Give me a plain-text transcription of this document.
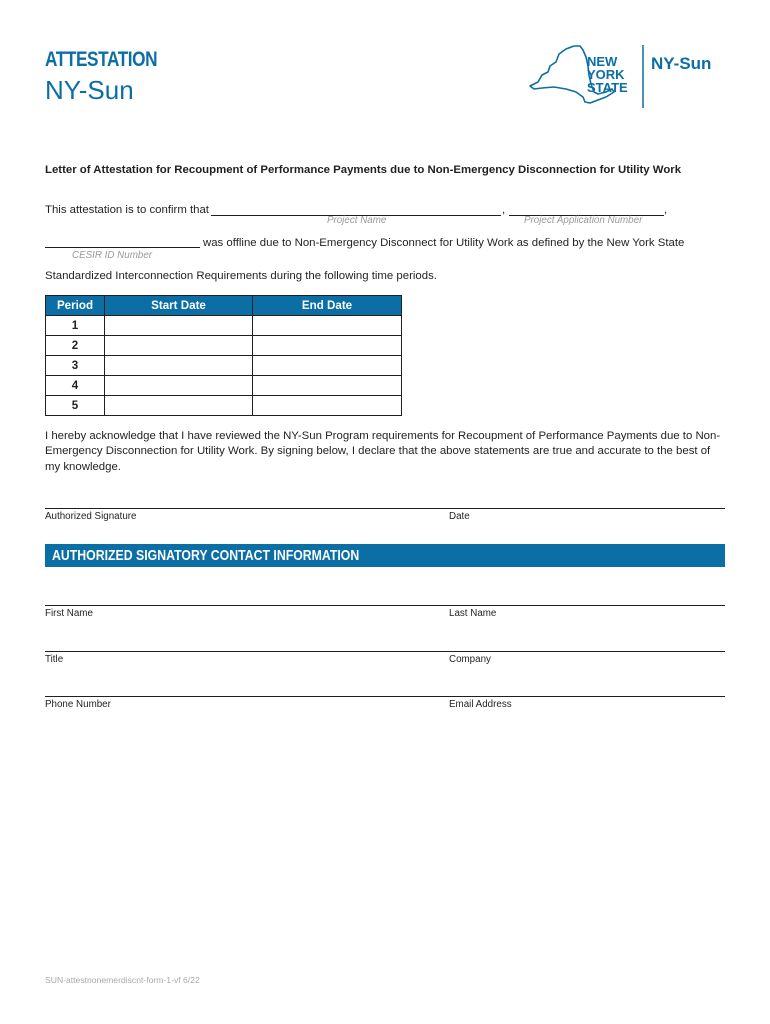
ATTESTATION
NY-Sun
NEW
YORK
STATE
NY-Sun
Letter of Attestation for Recoupment of Performance Payments due to Non-Emergency Disconnection for Utility Work
This attestation is to confirm that	,	,
Project Name	Project Application Number
was offline due to Non-Emergency Disconnect for Utility Work as defined by the New York State
CESIR ID Number
Standardized Interconnection Requirements during the following time periods.
Period	Start Date	End Date
1		
2		
3		
4		
5		
I hereby acknowledge that I have reviewed the NY-Sun Program requirements for Recoupment of Performance Payments due to Non-Emergency Disconnection for Utility Work. By signing below, I declare that the above statements are true and accurate to the best of my knowledge.
Authorized Signature	Date
AUTHORIZED SIGNATORY CONTACT INFORMATION
First Name	Last Name
Title	Company
Phone Number	Email Address
SUN-attestnonemerdiscnt-form-1-vf 6/22
